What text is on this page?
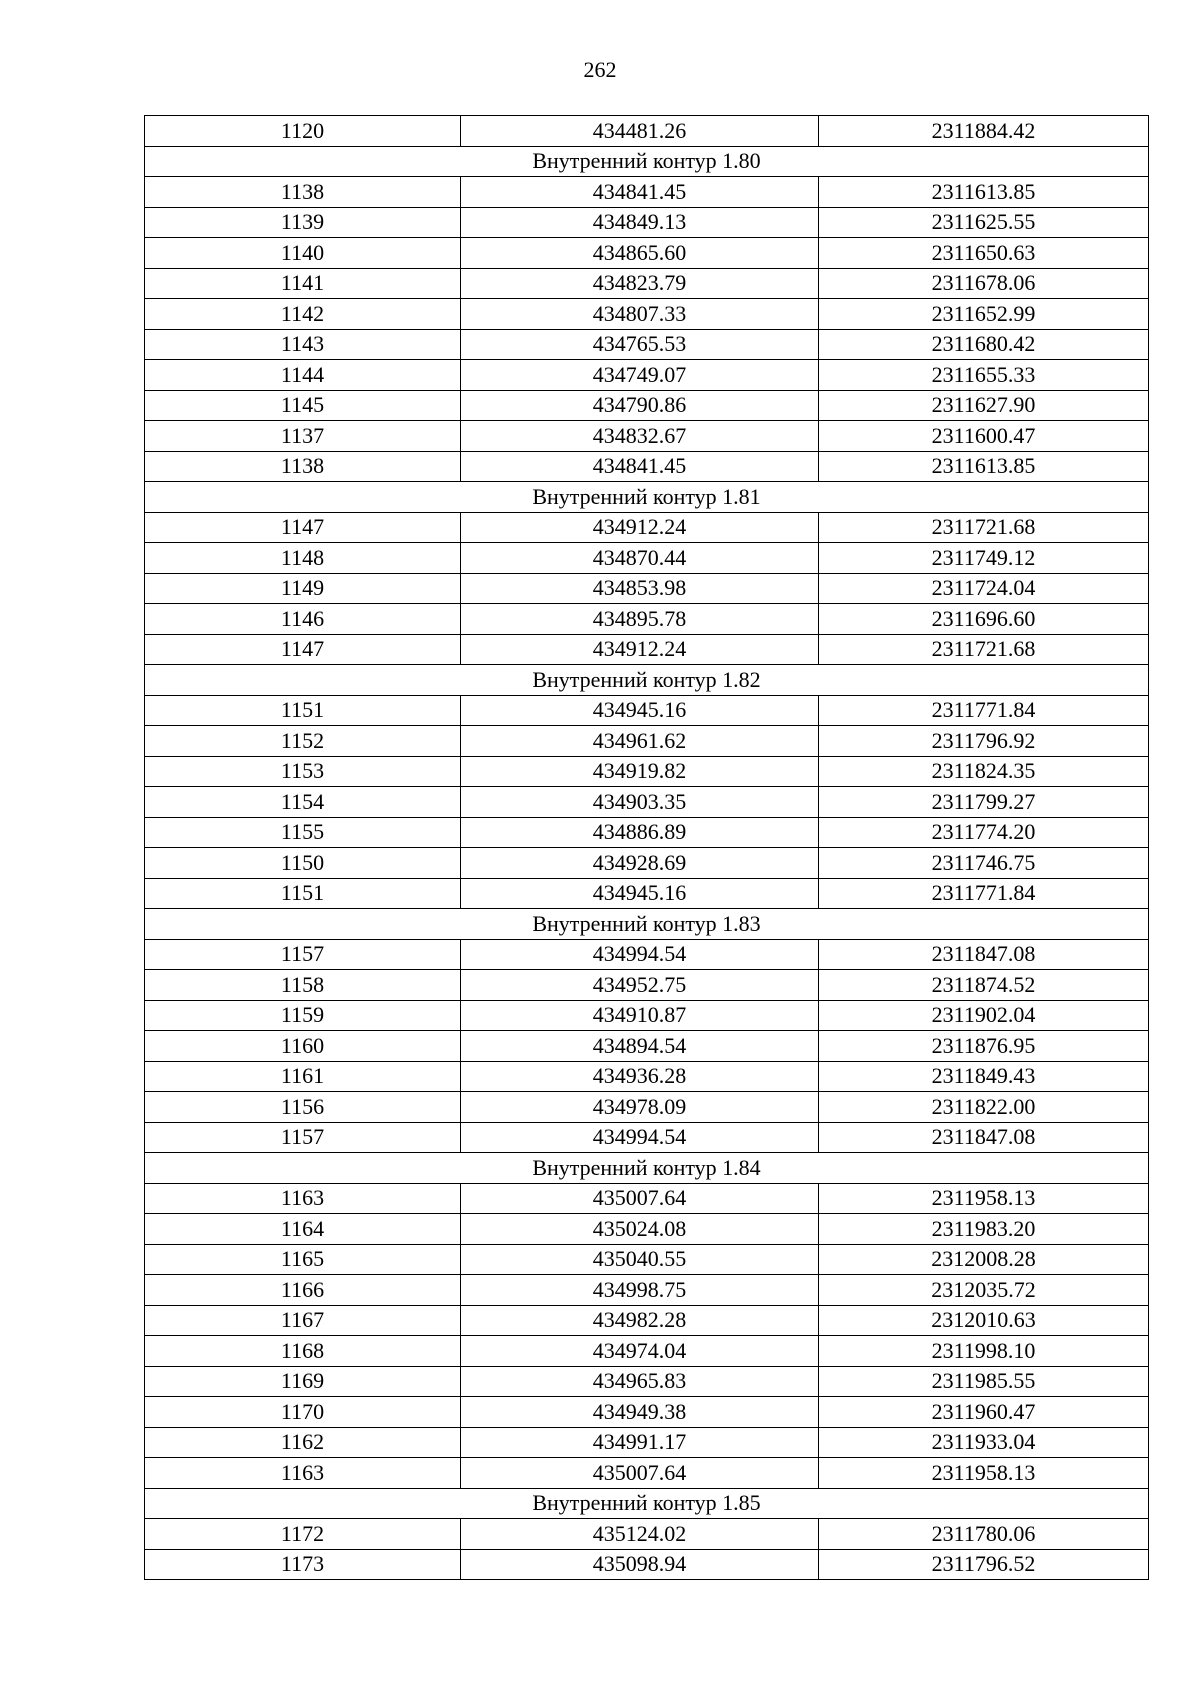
262
1120	434481.26	2311884.42
Внутренний контур 1.80		
1138	434841.45	2311613.85
1139	434849.13	2311625.55
1140	434865.60	2311650.63
1141	434823.79	2311678.06
1142	434807.33	2311652.99
1143	434765.53	2311680.42
1144	434749.07	2311655.33
1145	434790.86	2311627.90
1137	434832.67	2311600.47
1138	434841.45	2311613.85
Внутренний контур 1.81		
1147	434912.24	2311721.68
1148	434870.44	2311749.12
1149	434853.98	2311724.04
1146	434895.78	2311696.60
1147	434912.24	2311721.68
Внутренний контур 1.82		
1151	434945.16	2311771.84
1152	434961.62	2311796.92
1153	434919.82	2311824.35
1154	434903.35	2311799.27
1155	434886.89	2311774.20
1150	434928.69	2311746.75
1151	434945.16	2311771.84
Внутренний контур 1.83		
1157	434994.54	2311847.08
1158	434952.75	2311874.52
1159	434910.87	2311902.04
1160	434894.54	2311876.95
1161	434936.28	2311849.43
1156	434978.09	2311822.00
1157	434994.54	2311847.08
Внутренний контур 1.84		
1163	435007.64	2311958.13
1164	435024.08	2311983.20
1165	435040.55	2312008.28
1166	434998.75	2312035.72
1167	434982.28	2312010.63
1168	434974.04	2311998.10
1169	434965.83	2311985.55
1170	434949.38	2311960.47
1162	434991.17	2311933.04
1163	435007.64	2311958.13
Внутренний контур 1.85		
1172	435124.02	2311780.06
1173	435098.94	2311796.52
